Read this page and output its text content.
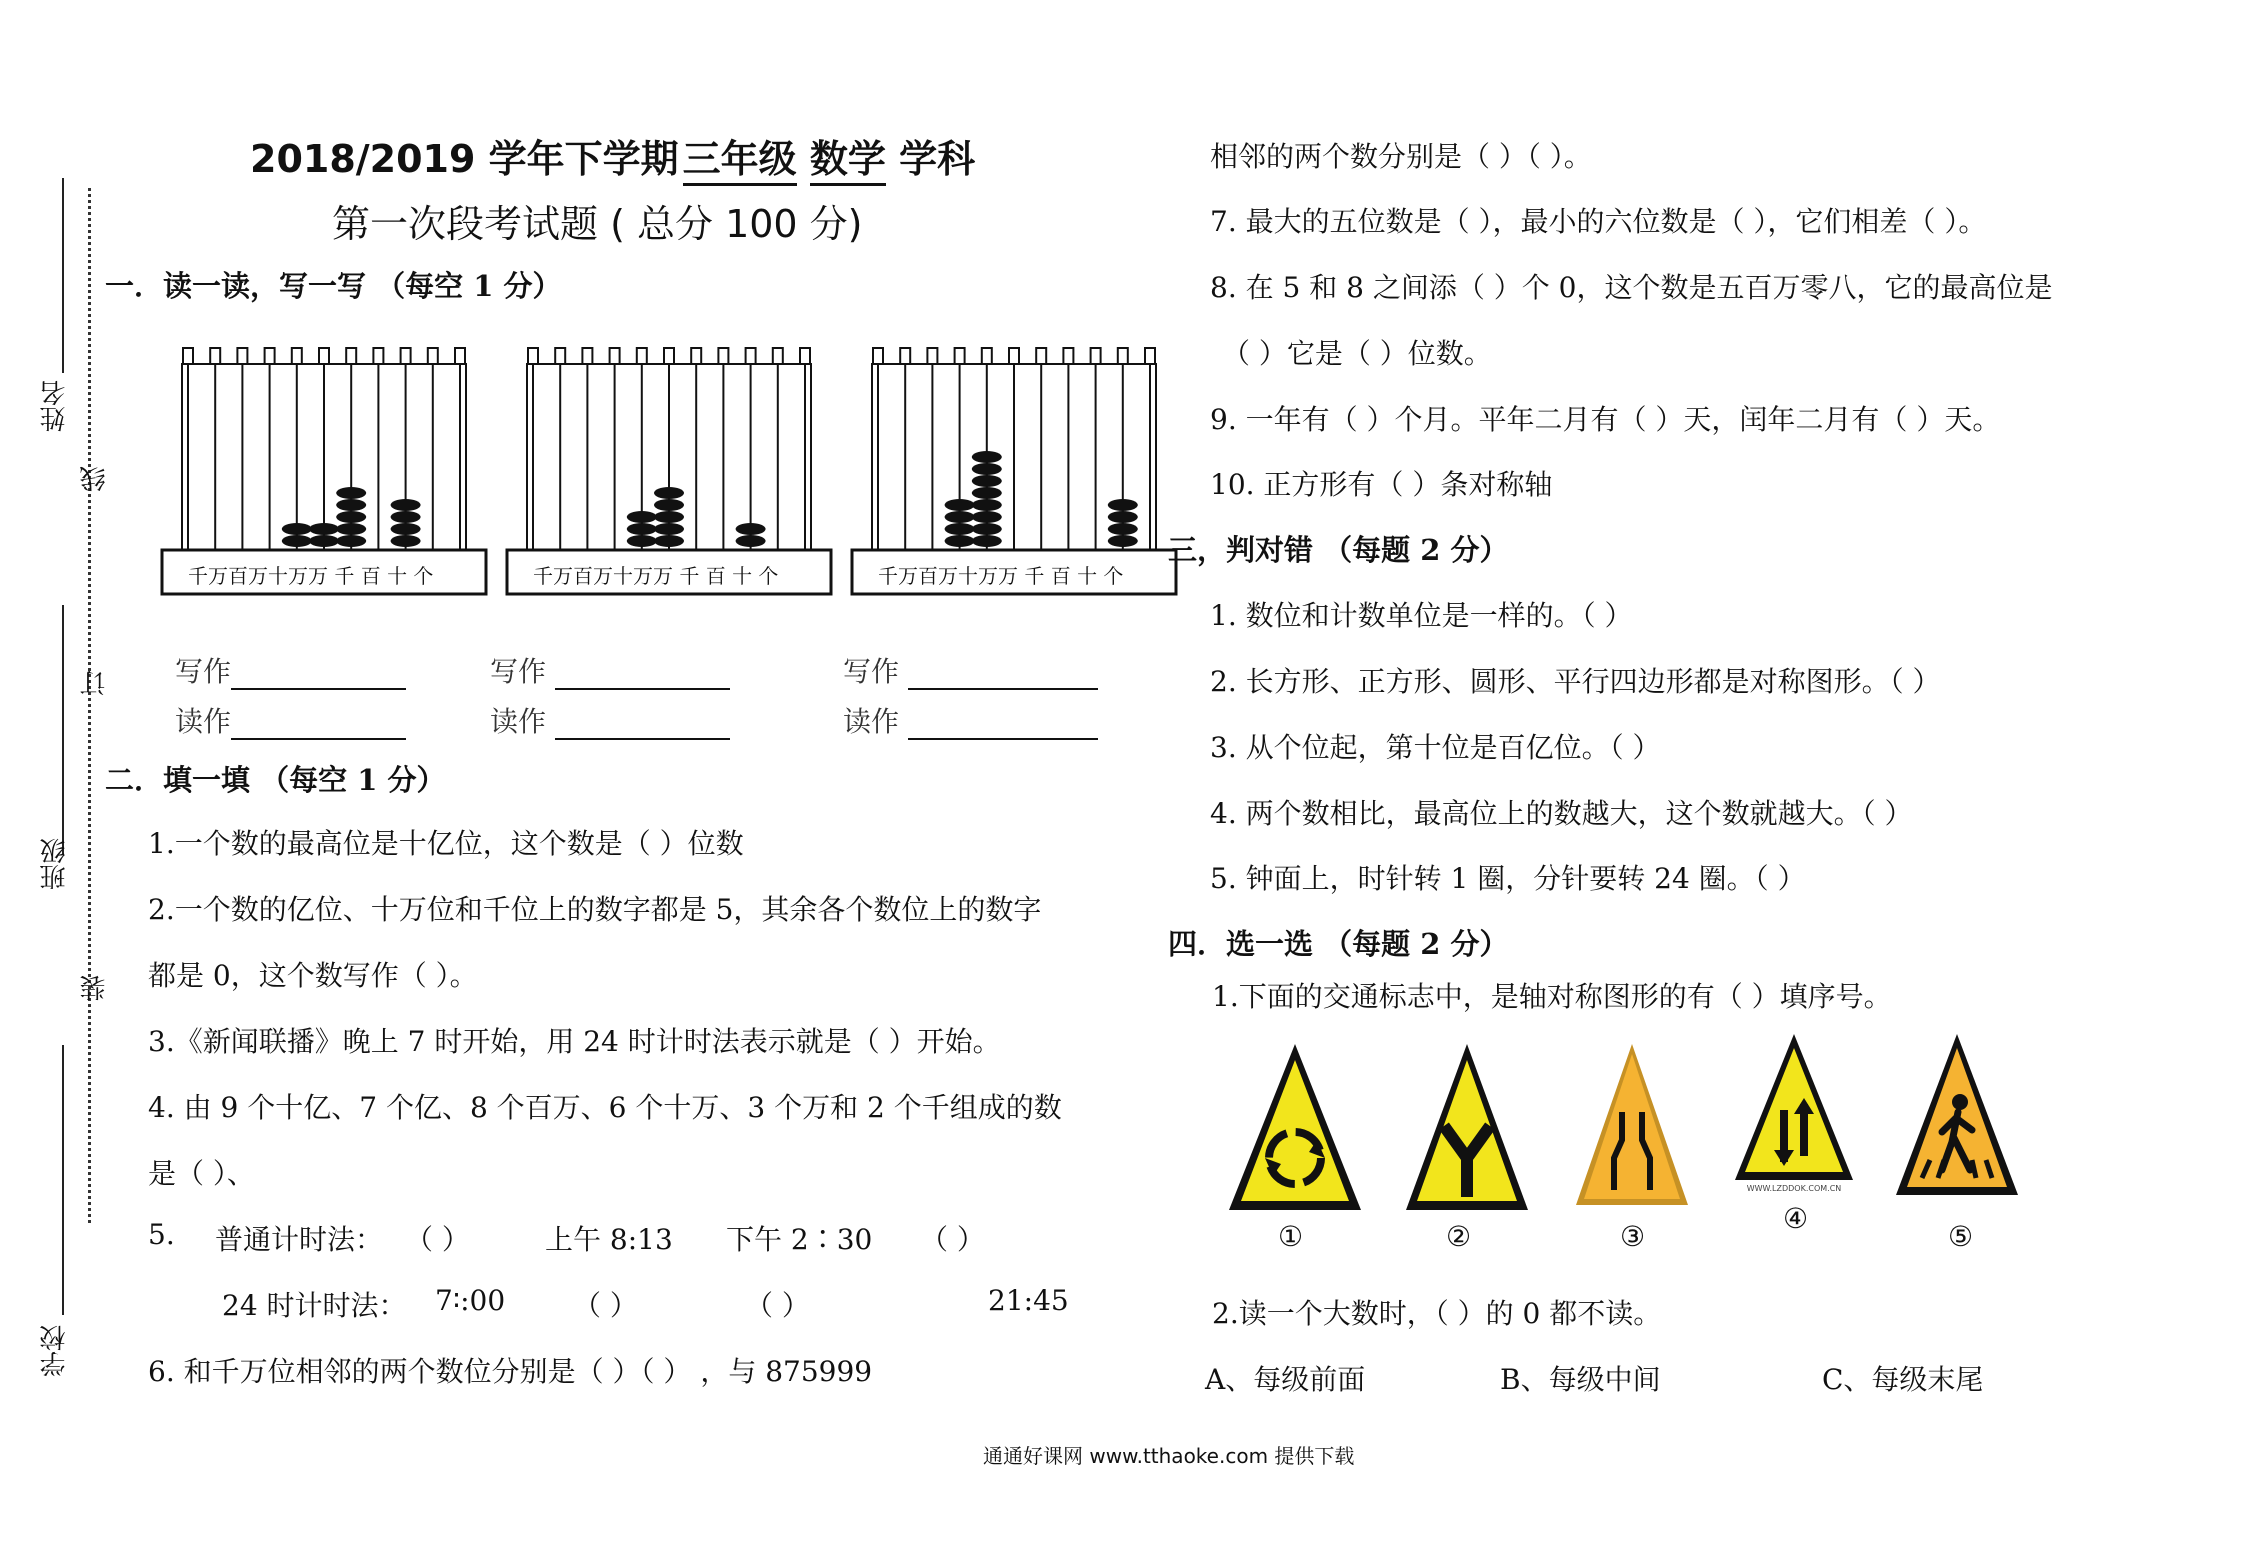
姓名
线
订
班级
装
学校
2018/2019 学年下学期 三年级 数学 学科
第一次段考试题 ( 总分 100 分)
一．读一读，写一写 （每空 1 分）
千万百万十万万 千 百 十 个	千万百万十万万 千 百 十 个	千万百万十万万 千 百 十 个
写作
读作
写作
读作
写作
读作
二．填一填 （每空 1 分）
1.一个数的最高位是十亿位，这个数是（ ）位数
2.一个数的亿位、十万位和千位上的数字都是 5，其余各个数位上的数字
都是 0，这个数写作（ ）。
3.《新闻联播》晚上 7 时开始，用 24 时计时法表示就是（ ）开始。
4. 由 9 个十亿、7 个亿、8 个百万、6 个十万、3 个万和 2 个千组成的数
是（ ）、
5. 普通计时法： （ ）	上午 8:13 下午 2∶30 （ ）
24 时计时法： 7∶:00 （ ）	（ ）	21:45
6. 和千万位相邻的两个数位分别是（ ）（ ） ，与 875999
相邻的两个数分别是（ ）（ ）。
7. 最大的五位数是（ ），最小的六位数是（ ），它们相差（ ）。
8. 在 5 和 8 之间添（ ）个 0，这个数是五百万零八，它的最高位是
（ ）它是（ ）位数。
9. 一年有（ ）个月。平年二月有（ ）天，闰年二月有（ ）天。
10. 正方形有（ ）条对称轴
三，判对错 （每题 2 分）
1. 数位和计数单位是一样的。（ ）
2. 长方形、正方形、圆形、平行四边形都是对称图形。（ ）
3. 从个位起，第十位是百亿位。（ ）
4. 两个数相比，最高位上的数越大，这个数就越大。（ ）
5. 钟面上，时针转 1 圈，分针要转 24 圈。（ ）
四．选一选 （每题 2 分）
1.下面的交通标志中，是轴对称图形的有（ ）填序号。
WWW.LZDDOK.COM.CN
①	②	③
④
⑤
2.读一个大数时，（ ）的 0 都不读。
A、每级前面	B、每级中间	C、每级末尾
通通好课网 www.tthaoke.com 提供下载
